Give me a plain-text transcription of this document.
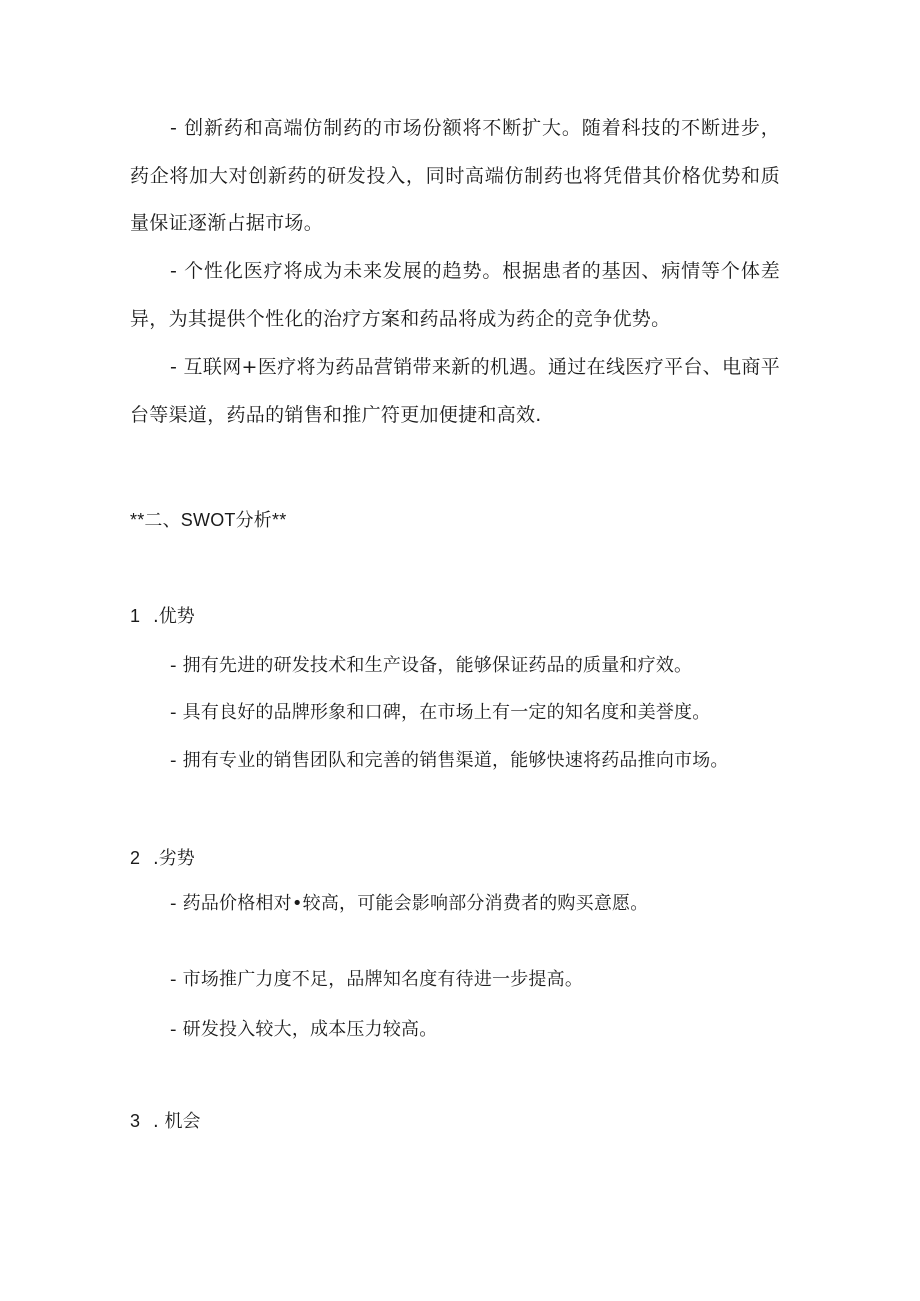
- 创新药和高端仿制药的市场份额将不断扩大。随着科技的不断进步，药企将加大对创新药的研发投入，同时高端仿制药也将凭借其价格优势和质量保证逐渐占据市场。

- 个性化医疗将成为未来发展的趋势。根据患者的基因、病情等个体差异，为其提供个性化的治疗方案和药品将成为药企的竞争优势。

- 互联网+医疗将为药品营销带来新的机遇。通过在线医疗平台、电商平台等渠道，药品的销售和推广符更加便捷和高效.

**二、SWOT分析**
1 .优势
- 拥有先进的研发技术和生产设备，能够保证药品的质量和疗效。
- 具有良好的品牌形象和口碑，在市场上有一定的知名度和美誉度。
- 拥有专业的销售团队和完善的销售渠道，能够快速将药品推向市场。
2 .劣势
- 药品价格相对•较高，可能会影响部分消费者的购买意愿。
- 市场推广力度不足，品牌知名度有待进一步提高。
- 研发投入较大，成本压力较高。
3 . 机会
